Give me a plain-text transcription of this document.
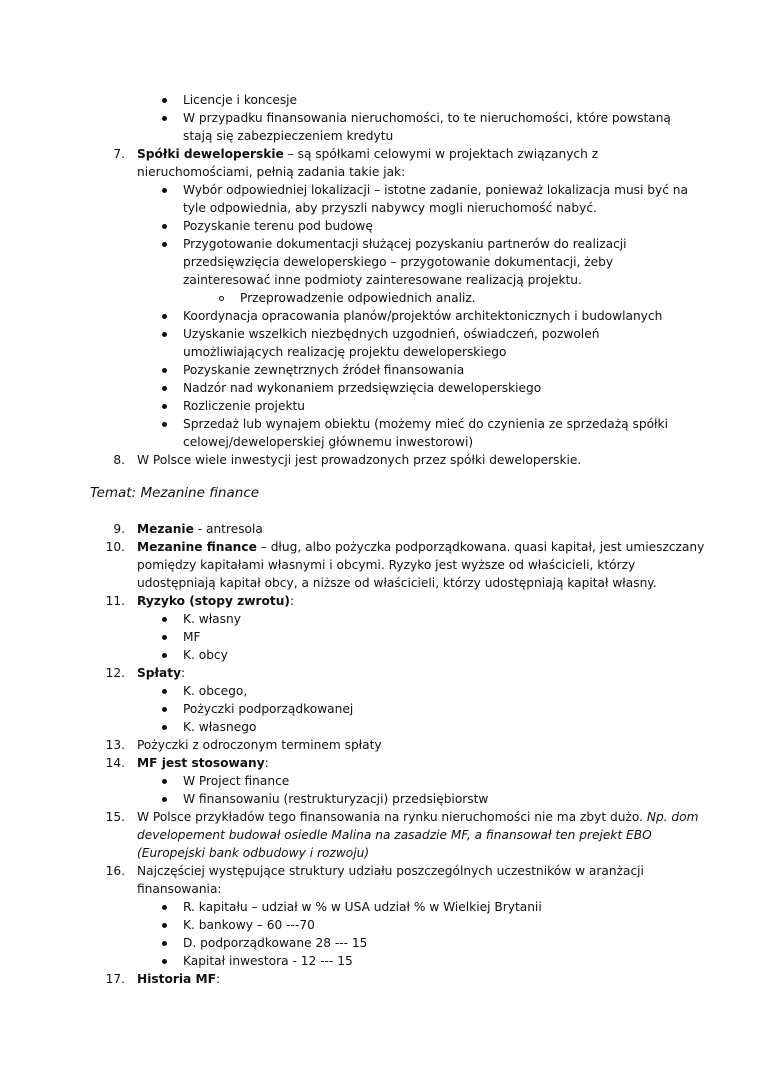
Licencje i koncesje
W przypadku finansowania nieruchomości, to te nieruchomości, które powstaną
stają się zabezpieczeniem kredytu
7. Spółki deweloperskie – są spółkami celowymi w projektach związanych z
nieruchomościami, pełnią zadania takie jak:
Wybór odpowiedniej lokalizacji – istotne zadanie, ponieważ lokalizacja musi być na
tyle odpowiednia, aby przyszli nabywcy mogli nieruchomość nabyć.
Pozyskanie terenu pod budowę
Przygotowanie dokumentacji służącej pozyskaniu partnerów do realizacji
przedsięwzięcia deweloperskiego – przygotowanie dokumentacji, żeby
zainteresować inne podmioty zainteresowane realizacją projektu.
Przeprowadzenie odpowiednich analiz.
Koordynacja opracowania planów/projektów architektonicznych i budowlanych
Uzyskanie wszelkich niezbędnych uzgodnień, oświadczeń, pozwoleń
umożliwiających realizację projektu deweloperskiego
Pozyskanie zewnętrznych źródeł finansowania
Nadzór nad wykonaniem przedsięwzięcia deweloperskiego
Rozliczenie projektu
Sprzedaż lub wynajem obiektu (możemy mieć do czynienia ze sprzedażą spółki
celowej/deweloperskiej głównemu inwestorowi)
8. W Polsce wiele inwestycji jest prowadzonych przez spółki deweloperskie.
Temat: Mezanine finance
9. Mezanie - antresola
10. Mezanine finance – dług, albo pożyczka podporządkowana. quasi kapitał, jest umieszczany
pomiędzy kapitałami własnymi i obcymi. Ryzyko jest wyższe od właścicieli, którzy
udostępniają kapitał obcy, a niższe od właścicieli, którzy udostępniają kapitał własny.
11. Ryzyko (stopy zwrotu):
K. własny
MF
K. obcy
12. Spłaty:
K. obcego,
Pożyczki podporządkowanej
K. własnego
13. Pożyczki z odroczonym terminem spłaty
14. MF jest stosowany:
W Project finance
W finansowaniu (restrukturyzacji) przedsiębiorstw
15. W Polsce przykładów tego finansowania na rynku nieruchomości nie ma zbyt dużo. Np. dom
developement budował osiedle Malina na zasadzie MF, a finansował ten prejekt EBO
(Europejski bank odbudowy i rozwoju)
16. Najczęściej występujące struktury udziału poszczególnych uczestników w aranżacji
finansowania:
R. kapitału – udział w % w USA udział % w Wielkiej Brytanii
K. bankowy – 60 ---70
D. podporządkowane 28 --- 15
Kapitał inwestora - 12 --- 15
17. Historia MF:
